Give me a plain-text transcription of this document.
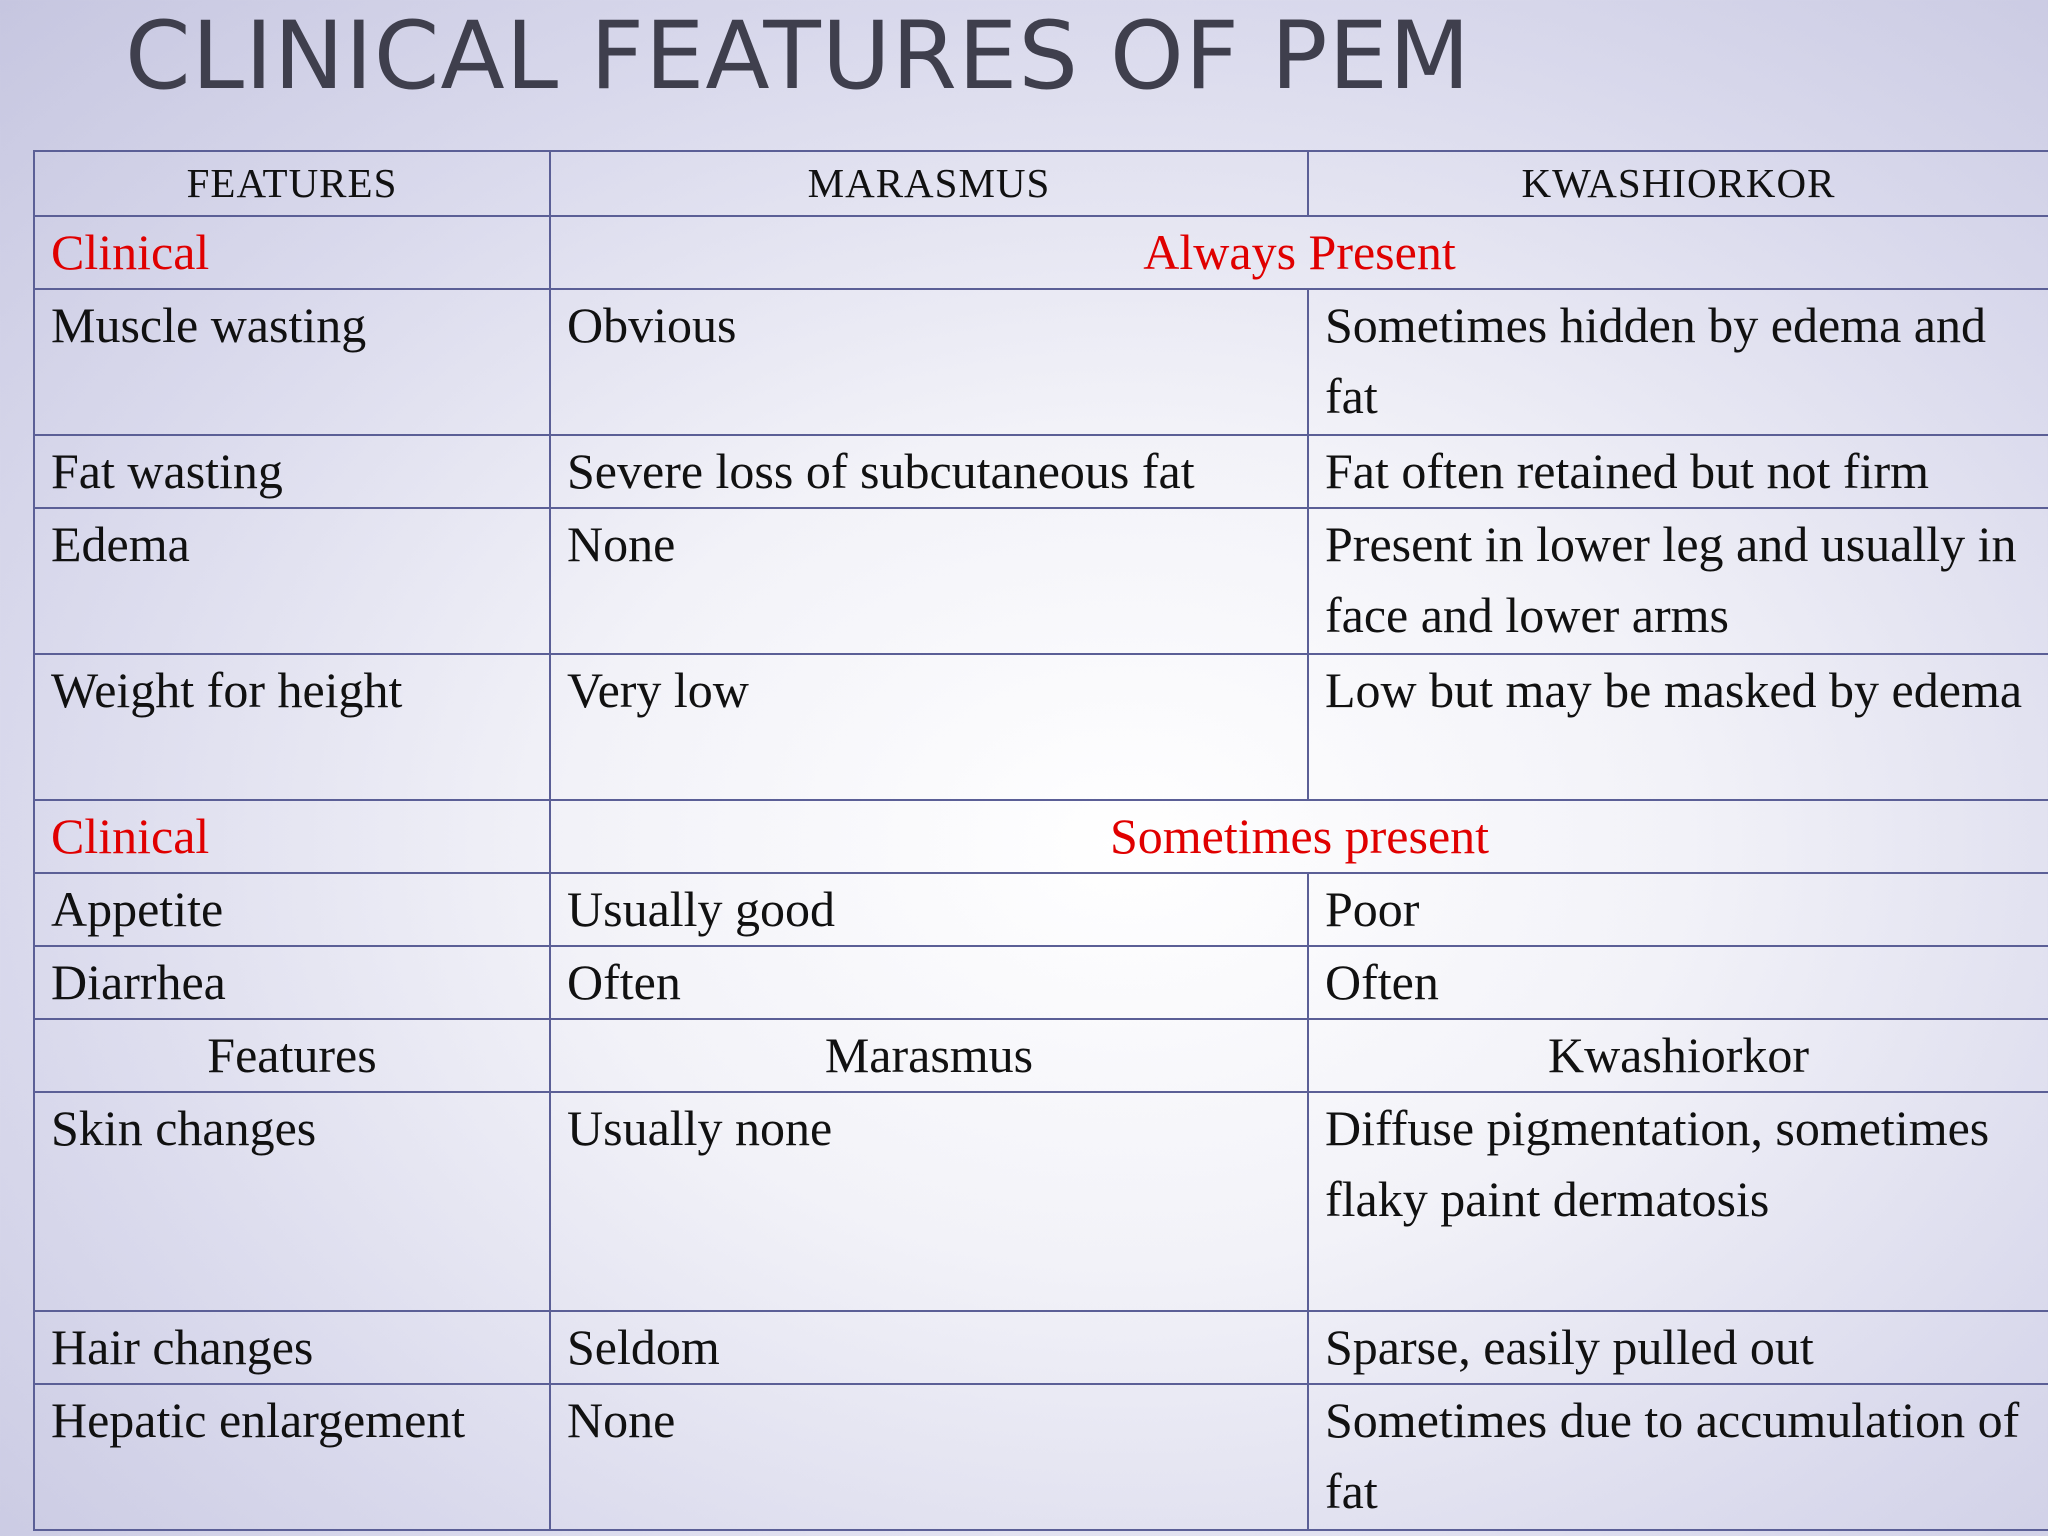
CLINICAL FEATURES OF PEM
FEATURES	MARASMUS	KWASHIORKOR
Clinical	Always Present	
Muscle wasting	Obvious	Sometimes hidden by edema and fat
Fat wasting	Severe loss of subcutaneous fat	Fat often retained but not firm
Edema	None	Present in lower leg and usually in face and lower arms
Weight for height	Very low	Low but may be masked by edema
Clinical	Sometimes present	
Appetite	Usually good	Poor
Diarrhea	Often	Often
Features	Marasmus	Kwashiorkor
Skin changes	Usually none	Diffuse pigmentation, sometimes flaky paint dermatosis
Hair changes	Seldom	Sparse, easily pulled out
Hepatic enlargement	None	Sometimes due to accumulation of fat
